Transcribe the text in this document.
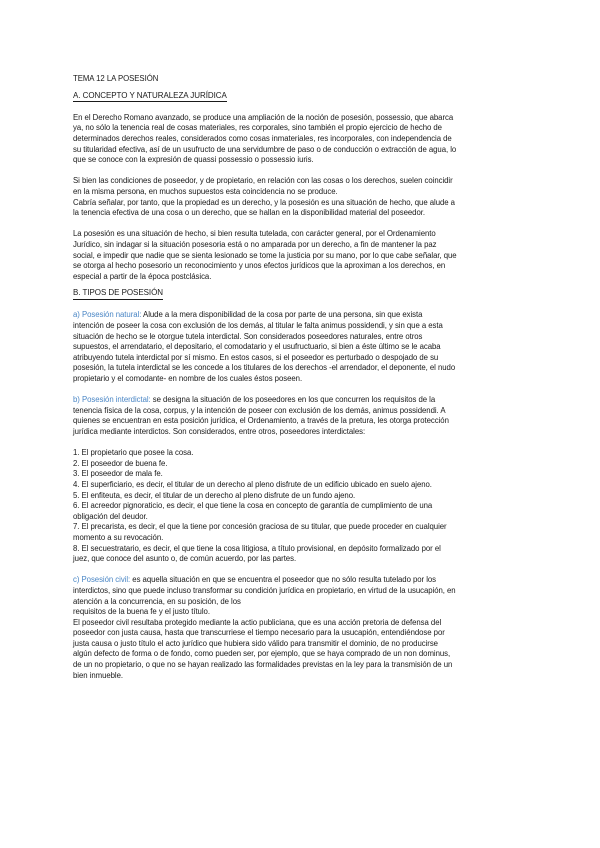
TEMA 12 LA POSESIÓN
A. CONCEPTO Y NATURALEZA JURÍDICA
En el Derecho Romano avanzado, se produce una ampliación de la noción de posesión, possessio, que abarca
ya, no sólo la tenencia real de cosas materiales, res corporales, sino también el propio ejercicio de hecho de
determinados derechos reales, considerados como cosas inmateriales, res incorporales, con independencia de
su titularidad efectiva, así de un usufructo de una servidumbre de paso o de conducción o extracción de agua, lo
que se conoce con la expresión de quassi possessio o possessio iuris.
Si bien las condiciones de poseedor, y de propietario, en relación con las cosas o los derechos, suelen coincidir
en la misma persona, en muchos supuestos esta coincidencia no se produce.
Cabría señalar, por tanto, que la propiedad es un derecho, y la posesión es una situación de hecho, que alude a
la tenencia efectiva de una cosa o un derecho, que se hallan en la disponibilidad material del poseedor.
La posesión es una situación de hecho, si bien resulta tutelada, con carácter general, por el Ordenamiento
Jurídico, sin indagar si la situación posesoria está o no amparada por un derecho, a fin de mantener la paz
social, e impedir que nadie que se sienta lesionado se tome la justicia por su mano, por lo que cabe señalar, que
se otorga al hecho posesorio un reconocimiento y unos efectos jurídicos que la aproximan a los derechos, en
especial a partir de la época postclásica.
B. TIPOS DE POSESIÓN
a) Posesión natural: Alude a la mera disponibilidad de la cosa por parte de una persona, sin que exista
intención de poseer la cosa con exclusión de los demás, al titular le falta animus possidendi, y sin que a esta
situación de hecho se le otorgue tutela interdictal. Son considerados poseedores naturales, entre otros
supuestos, el arrendatario, el depositario, el comodatario y el usufructuario, si bien a éste último se le acaba
atribuyendo tutela interdictal por sí mismo. En estos casos, si el poseedor es perturbado o despojado de su
posesión, la tutela interdictal se les concede a los titulares de los derechos -el arrendador, el deponente, el nudo
propietario y el comodante- en nombre de los cuales éstos poseen.
b) Posesión interdictal: se designa la situación de los poseedores en los que concurren los requisitos de la
tenencia física de la cosa, corpus, y la intención de poseer con exclusión de los demás, animus possidendi. A
quienes se encuentran en esta posición jurídica, el Ordenamiento, a través de la pretura, les otorga protección
jurídica mediante interdictos. Son considerados, entre otros, poseedores interdictales:
1. El propietario que posee la cosa.
2. El poseedor de buena fe.
3. El poseedor de mala fe.
4. El superficiario, es decir, el titular de un derecho al pleno disfrute de un edificio ubicado en suelo ajeno.
5. El enfiteuta, es decir, el titular de un derecho al pleno disfrute de un fundo ajeno.
6. El acreedor pignoraticio, es decir, el que tiene la cosa en concepto de garantía de cumplimiento de una
obligación del deudor.
7. El precarista, es decir, el que la tiene por concesión graciosa de su titular, que puede proceder en cualquier
momento a su revocación.
8. El secuestratario, es decir, el que tiene la cosa litigiosa, a título provisional, en depósito formalizado por el
juez, que conoce del asunto o, de común acuerdo, por las partes.
c) Posesión civil: es aquella situación en que se encuentra el poseedor que no sólo resulta tutelado por los
interdictos, sino que puede incluso transformar su condición jurídica en propietario, en virtud de la usucapión, en
atención a la concurrencia, en su posición, de los
requisitos de la buena fe y el justo título.
El poseedor civil resultaba protegido mediante la actio publiciana, que es una acción pretoria de defensa del
poseedor con justa causa, hasta que transcurriese el tiempo necesario para la usucapión, entendiéndose por
justa causa o justo título el acto jurídico que hubiera sido válido para transmitir el dominio, de no producirse
algún defecto de forma o de fondo, como pueden ser, por ejemplo, que se haya comprado de un non dominus,
de un no propietario, o que no se hayan realizado las formalidades previstas en la ley para la transmisión de un
bien inmueble.
